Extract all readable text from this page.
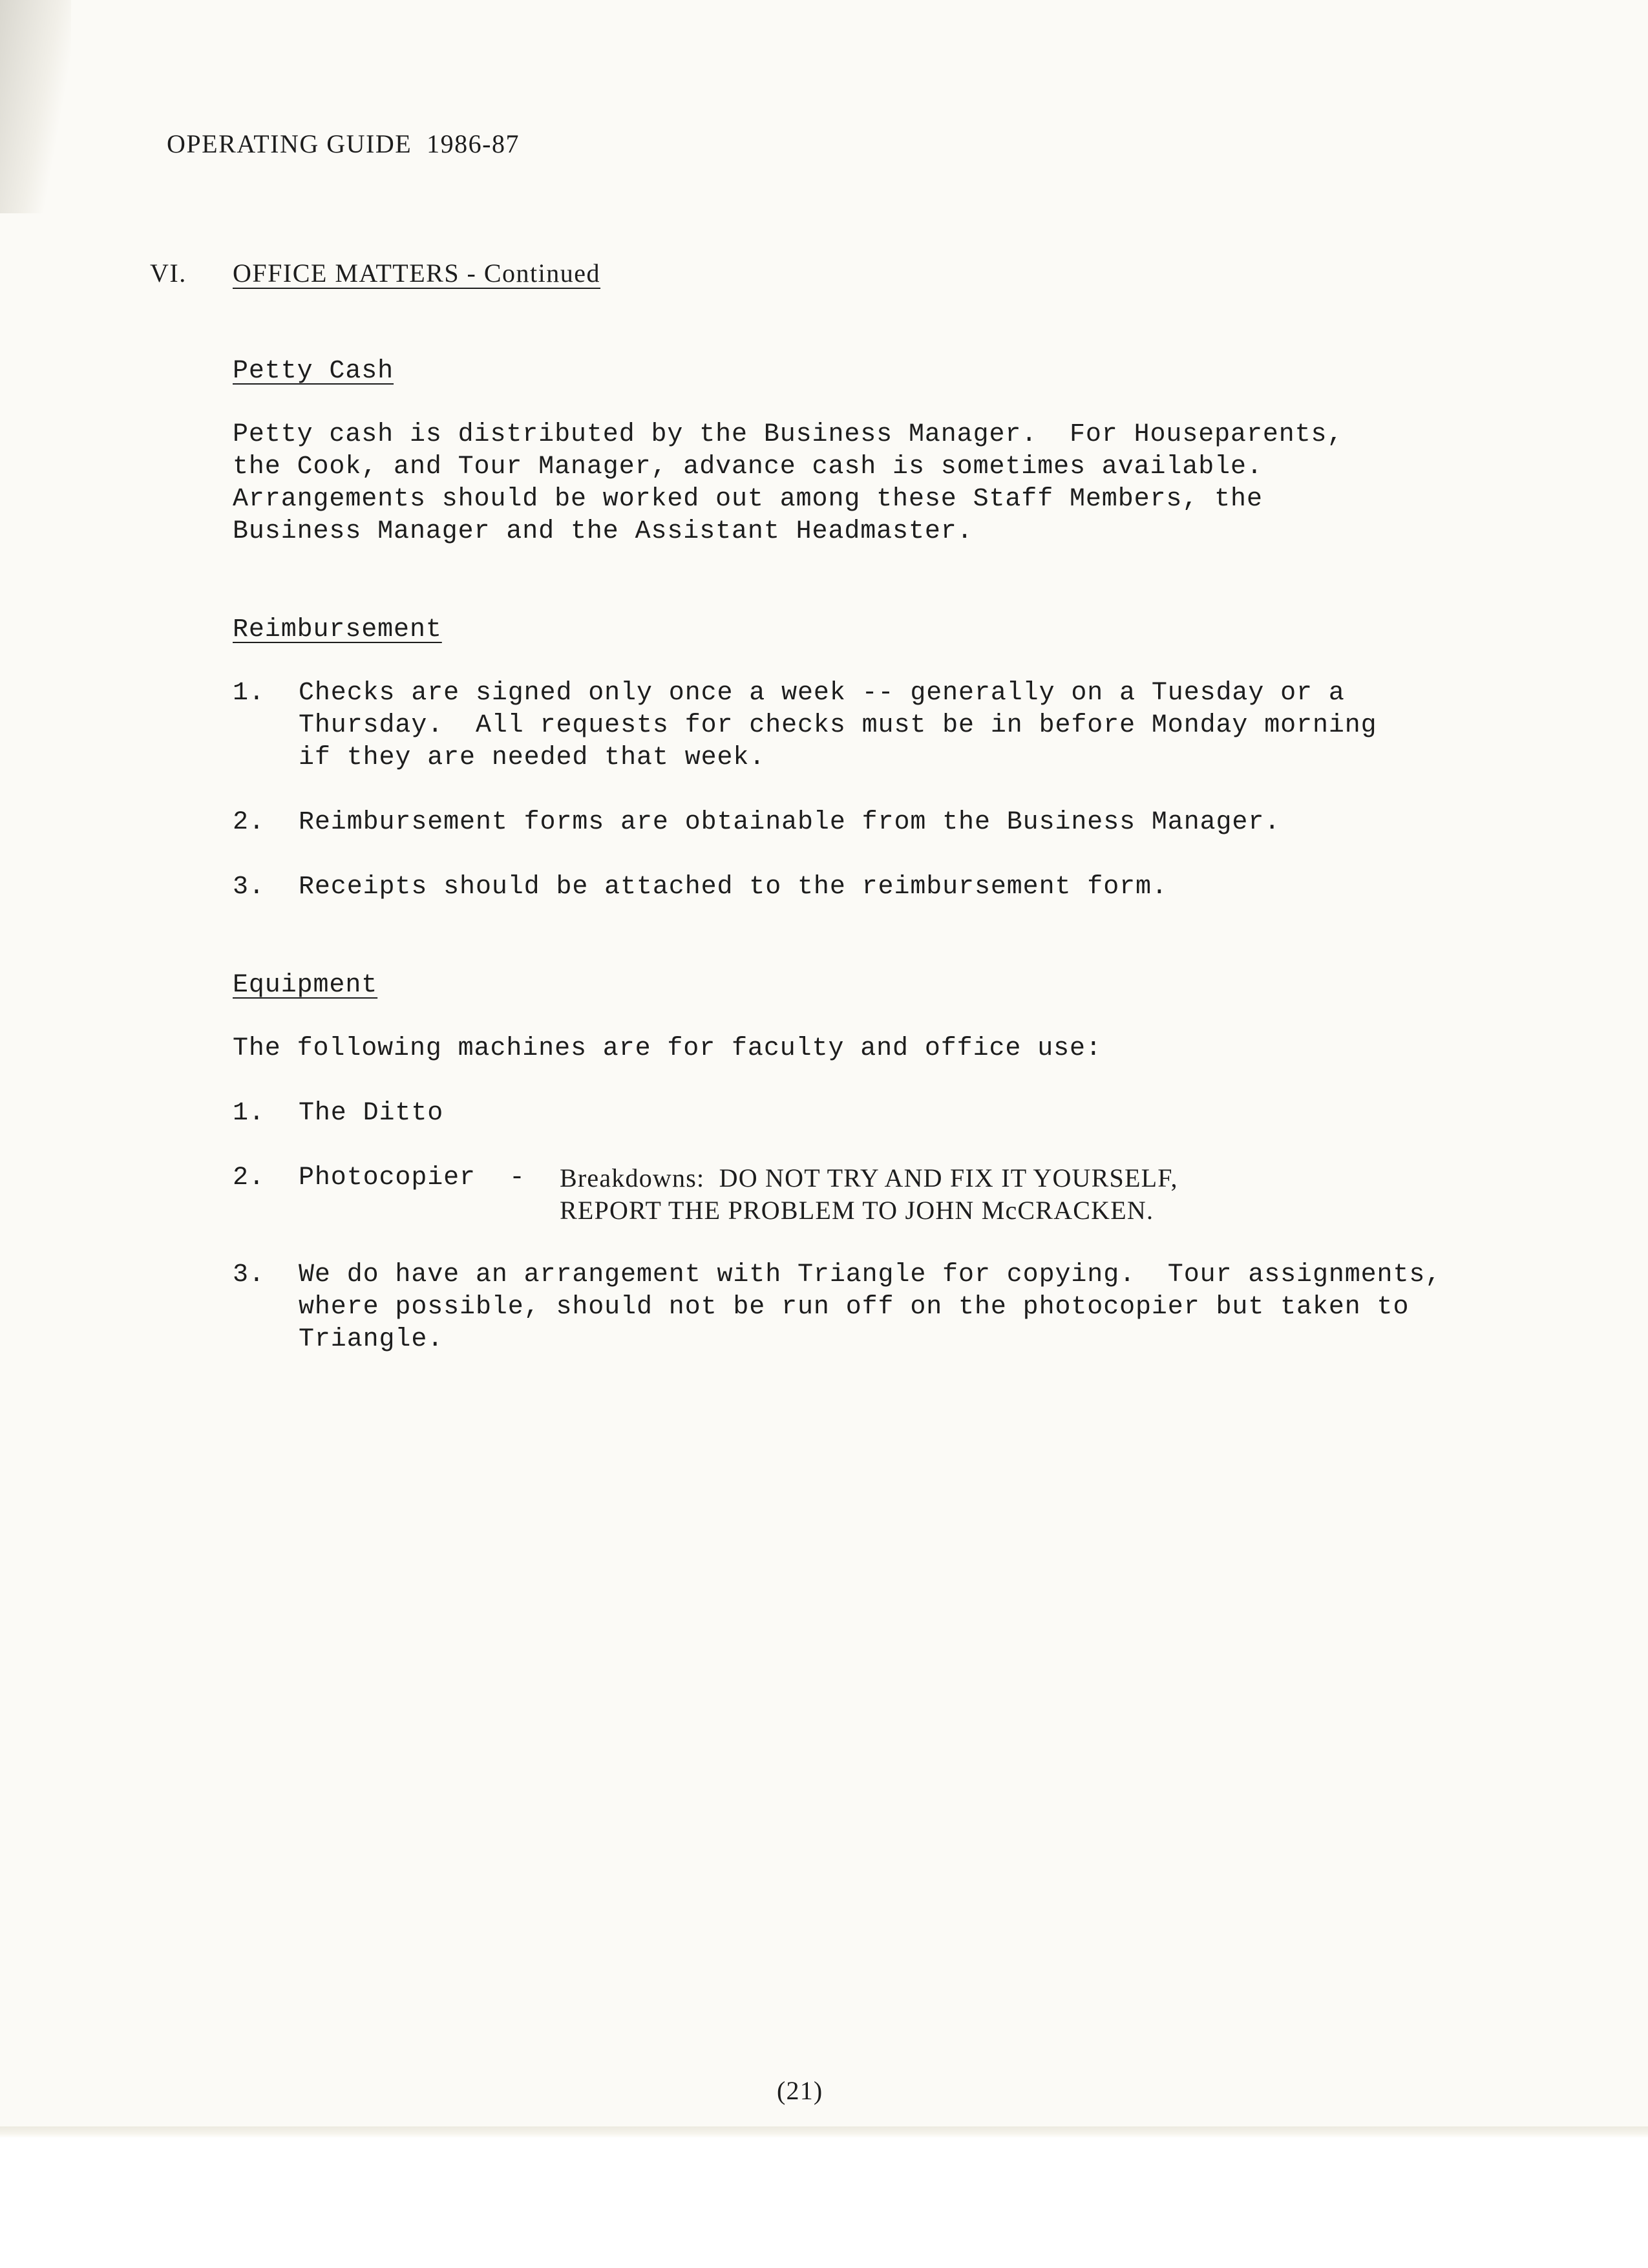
OPERATING GUIDE  1986-87

VI. OFFICE MATTERS - Continued

Petty Cash

Petty cash is distributed by the Business Manager.  For Houseparents,

the Cook, and Tour Manager, advance cash is sometimes available.

Arrangements should be worked out among these Staff Members, the

Business Manager and the Assistant Headmaster.

Reimbursement

1. Checks are signed only once a week -- generally on a Tuesday or a

Thursday.  All requests for checks must be in before Monday morning

if they are needed that week.

2. Reimbursement forms are obtainable from the Business Manager.

3. Receipts should be attached to the reimbursement form.

Equipment

The following machines are for faculty and office use:

1. The Ditto

2. Photocopier - Breakdowns:  DO NOT TRY AND FIX IT YOURSELF,

REPORT THE PROBLEM TO JOHN McCRACKEN.

3. We do have an arrangement with Triangle for copying.  Tour assignments,

where possible, should not be run off on the photocopier but taken to

Triangle.

(21)
